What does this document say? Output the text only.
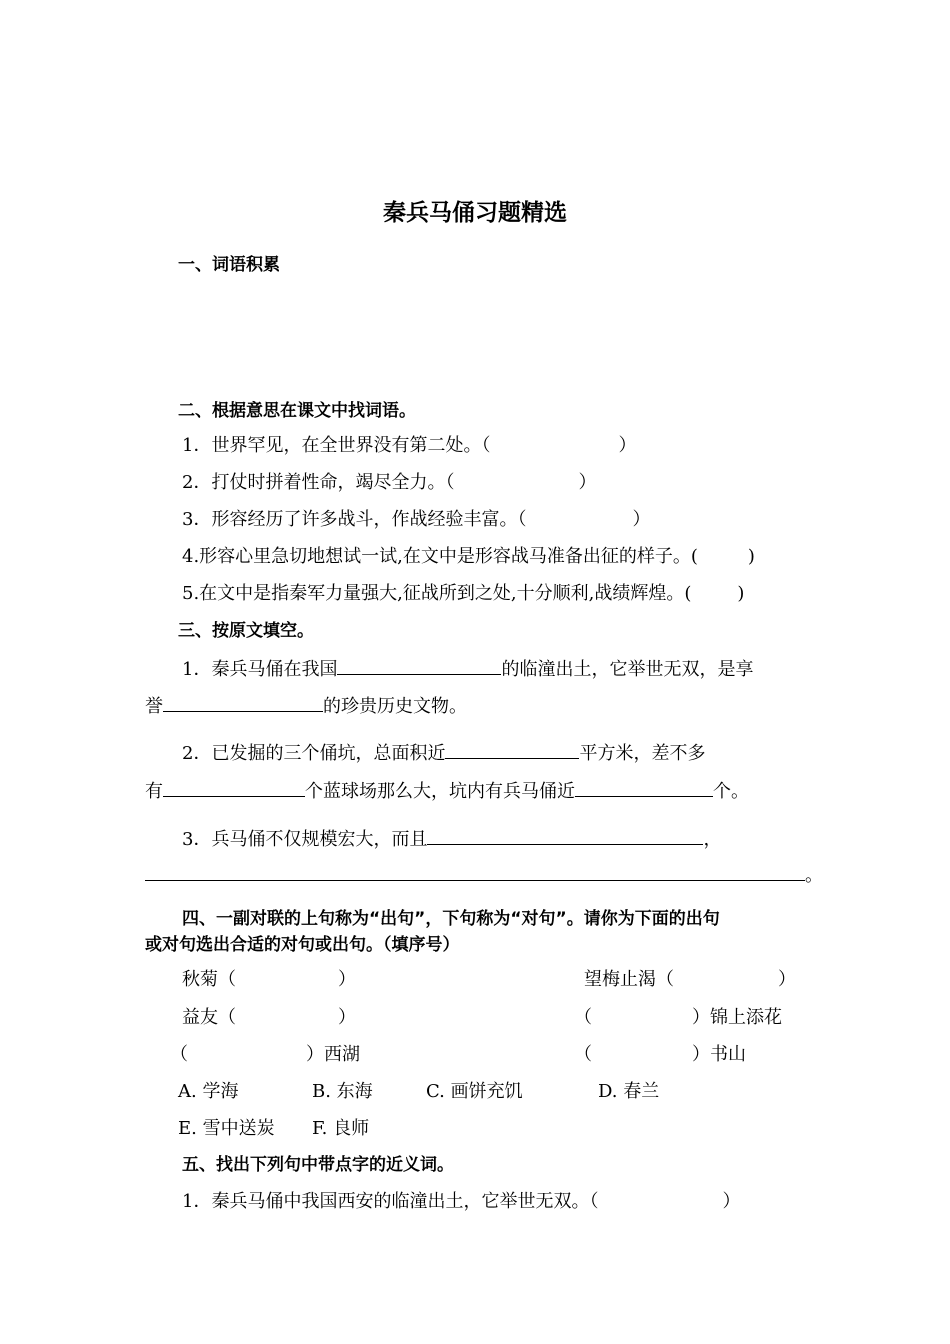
秦兵马俑习题精选
一、词语积累
二、根据意思在课文中找词语。
1．世界罕见，在全世界没有第二处。（	）
2．打仗时拼着性命，竭尽全力。（	）
3．形容经历了许多战斗，作战经验丰富。（	）
4.形容心里急切地想试一试,在文中是形容战马准备出征的样子。(	)
5.在文中是指秦军力量强大,征战所到之处,十分顺利,战绩辉煌。(	)
三、按原文填空。
1．秦兵马俑在我国	的临潼出土，它举世无双，是享
誉	的珍贵历史文物。
2．已发掘的三个俑坑，总面积近	平方米，差不多
有	个蓝球场那么大，坑内有兵马俑近	个。
3．兵马俑不仅规模宏大，而且	，
。
四、一副对联的上句称为“出句”，下句称为“对句”。请你为下面的出句
或对句选出合适的对句或出句。（填序号）
秋菊（	）	望梅止渴（	）
益友（	）	（	）锦上添花
（	）西湖	（	）书山
A. 学海	B. 东海	C. 画饼充饥	D. 春兰
E. 雪中送炭 F. 良师
五、找出下列句中带点字的近义词。
1．秦兵马俑中我国西安的临潼出土，它举世无双。（	）
